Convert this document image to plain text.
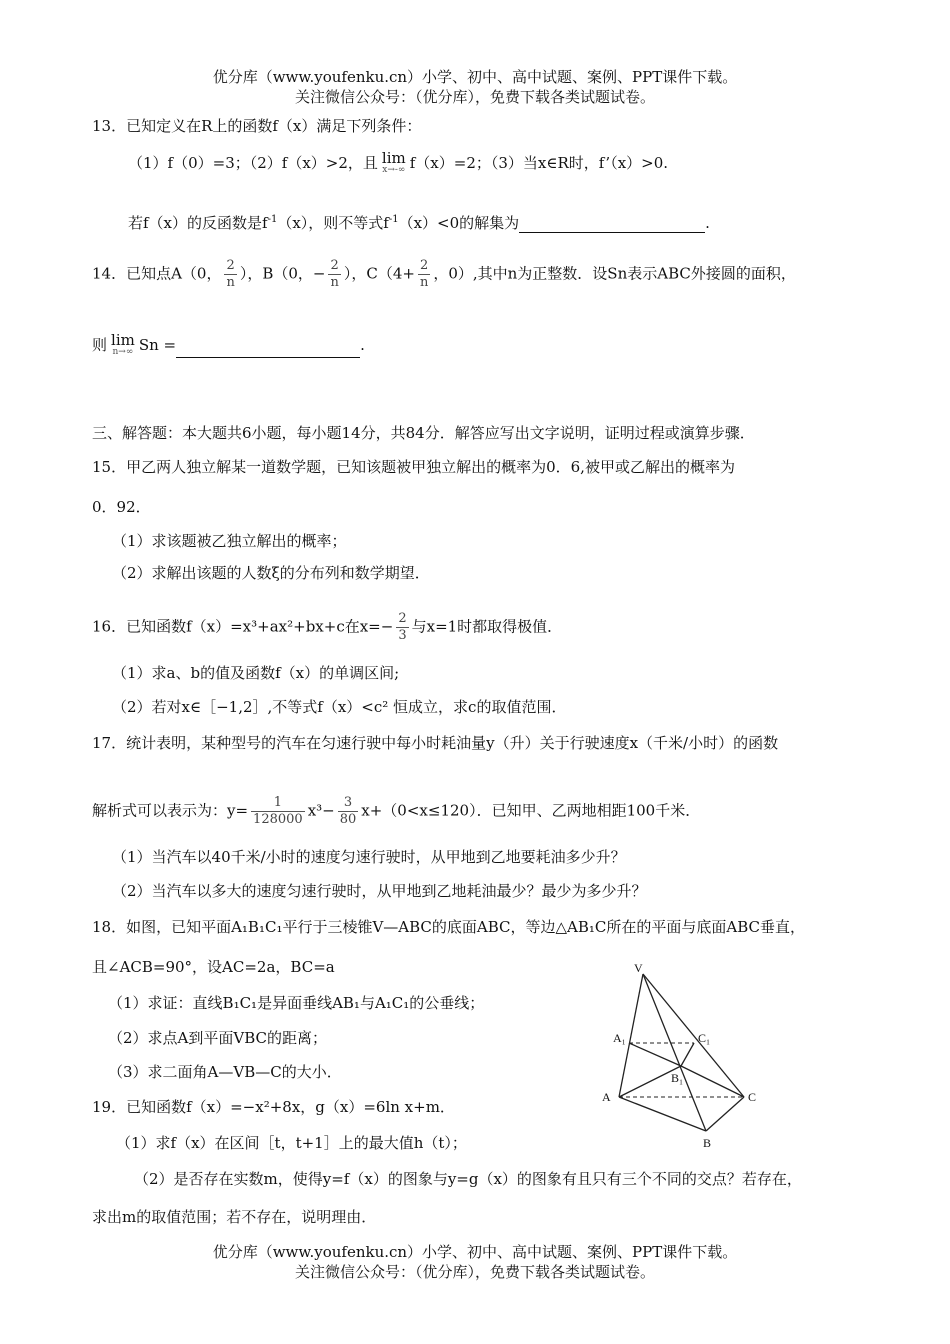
优分库（www.youfenku.cn）小学、初中、高中试题、案例、PPT课件下载。
关注微信公众号：（优分库），免费下载各类试题试卷。
13．已知定义在R上的函数f（x）满足下列条件：
（1）f（0）=3；（2）f（x）>2，且 lim
x→-∞ f（x）=2；（3）当x∈R时，f’（x）>0.
若f（x）的反函数是$f^{-1}(x)$，则不等式$f^{-1}(x)<0$的解集为	.
14．已知点A（0， $\frac{2}{n}$ ），B（0，− $\frac{2}{n}$ ），$C(4+ \frac{2}{n}$ ，0）,其中n为正整数．设Sn表示ABC外接圆的面积，
则 lim
n→∞ Sn =	.
三、解答题：本大题共6小题，每小题14分，共84分．解答应写出文字说明，证明过程或演算步骤．
15．甲乙两人独立解某一道数学题，已知该题被甲独立解出的概率为0．6,被甲或乙解出的概率为
0．92．
（1）求该题被乙独立解出的概率；
（2）求解出该题的人数ξ的分布列和数学期望．
16．已知函数f（x）=x³+ax²+bx+c在$x=- \frac{2}{3}$ 与x=1时都取得极值．
（1）求a、b的值及函数f（x）的单调区间;
（2）若对x∈［−1,2］,不等式f（x）<c² 恒成立，求c的取值范围．
17．统计表明，某种型号的汽车在匀速行驶中每小时耗油量y（升）关于行驶速度x（千米/小时）的函数
解析式可以表示为：$y= \frac{1}{128000} x^3- \frac{3}{80} x+(0<x\le 120)$．已知甲、乙两地相距100千米．
（1）当汽车以40千米/小时的速度匀速行驶时，从甲地到乙地要耗油多少升？
（2）当汽车以多大的速度匀速行驶时，从甲地到乙地耗油最少？最少为多少升？
18．如图，已知平面A₁B₁C₁平行于三棱锥V—ABC的底面ABC，等边△AB₁C所在的平面与底面ABC垂直，
且∠ACB=90°，设AC=2a，BC=a
（1）求证：直线B₁C₁是异面垂线AB₁与A₁C₁的公垂线；
（2）求点A到平面VBC的距离；
（3）求二面角A—VB—C的大小．
V
A₁	C₁
B₁
A	C
B
19．已知函数f（x）=−x²+8x，g（x）=6ln x+m．
（1）求f（x）在区间［t，t+1］上的最大值h（t）；
（2）是否存在实数m，使得y=f（x）的图象与y=g（x）的图象有且只有三个不同的交点？若存在，
求出m的取值范围；若不存在，说明理由．
优分库（www.youfenku.cn）小学、初中、高中试题、案例、PPT课件下载。
关注微信公众号：（优分库），免费下载各类试题试卷。
